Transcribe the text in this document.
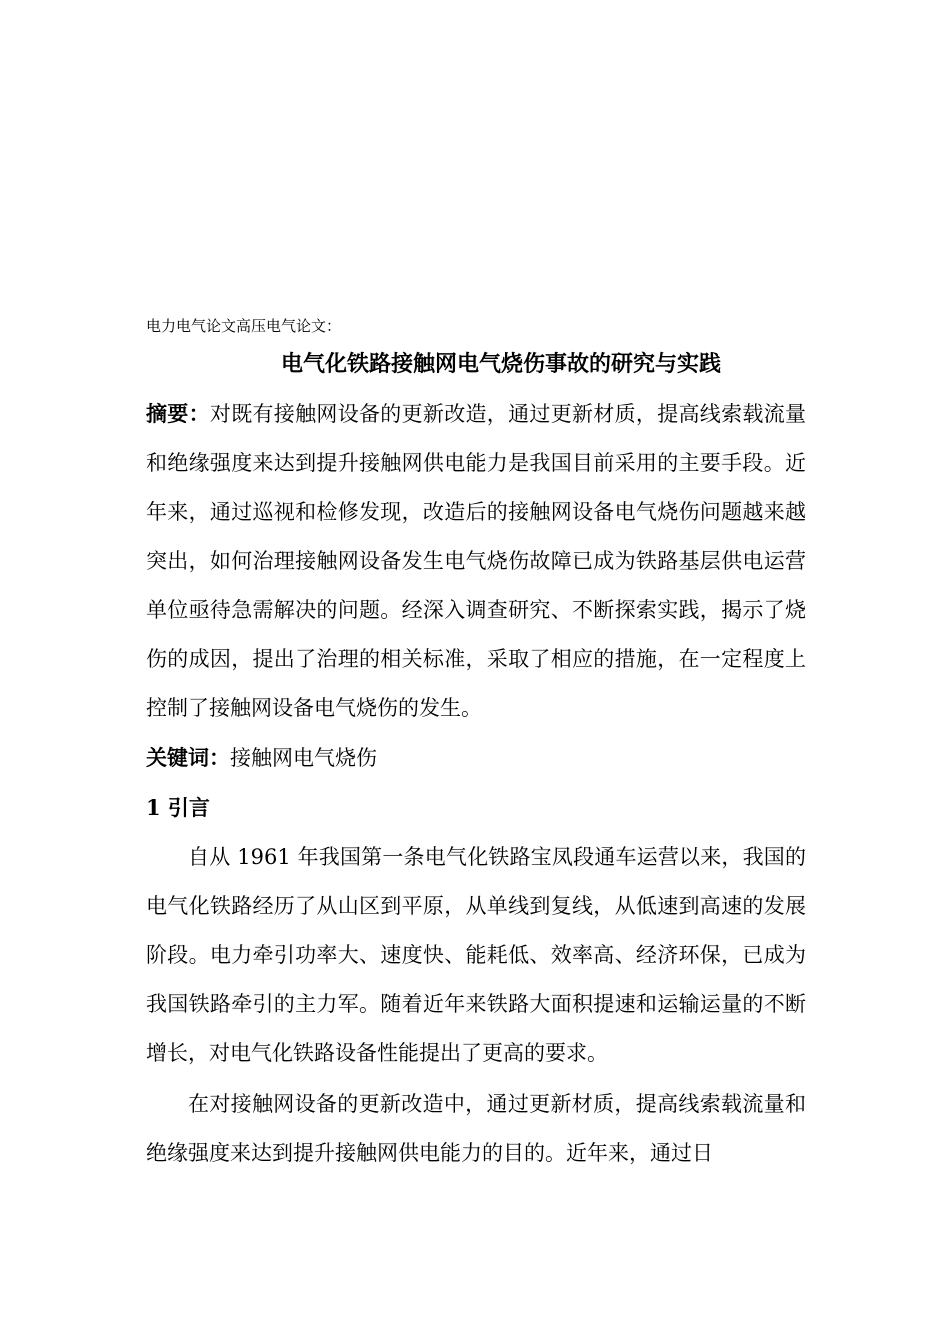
电力电气论文高压电气论文：
电气化铁路接触网电气烧伤事故的研究与实践
摘要：对既有接触网设备的更新改造，通过更新材质，提高线索载流量和绝缘强度来达到提升接触网供电能力是我国目前采用的主要手段。近年来，通过巡视和检修发现，改造后的接触网设备电气烧伤问题越来越突出，如何治理接触网设备发生电气烧伤故障已成为铁路基层供电运营单位亟待急需解决的问题。经深入调查研究、不断探索实践，揭示了烧伤的成因，提出了治理的相关标准，采取了相应的措施，在一定程度上控制了接触网设备电气烧伤的发生。
关键词：接触网电气烧伤
1 引言
自从 1961 年我国第一条电气化铁路宝凤段通车运营以来，我国的电气化铁路经历了从山区到平原，从单线到复线，从低速到高速的发展阶段。电力牵引功率大、速度快、能耗低、效率高、经济环保，已成为我国铁路牵引的主力军。随着近年来铁路大面积提速和运输运量的不断增长，对电气化铁路设备性能提出了更高的要求。
在对接触网设备的更新改造中，通过更新材质，提高线索载流量和绝缘强度来达到提升接触网供电能力的目的。近年来，通过日
